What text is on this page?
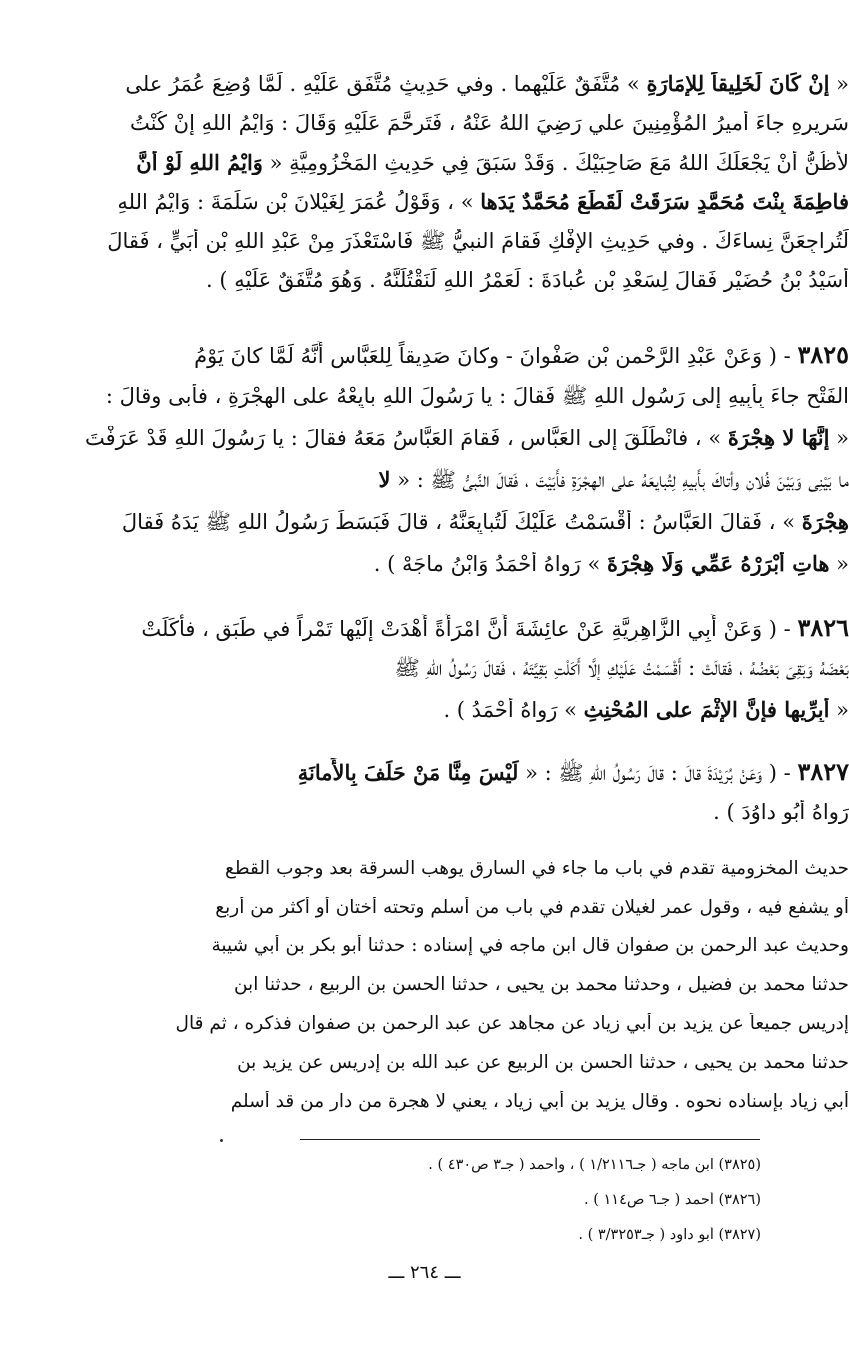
« إِنْ كَانَ لَخَلِيقاً لِلإِمَارَةِ » مُتَّفَقٌ عَلَيْهِما . وفي حَدِيثٍ مُتَّفَقٍ عَلَيْهِ . لَمَّا وُضِعَ عُمَرُ على
سَرِيرِهِ جاءَ أميرُ المُؤْمِنِينَ علي رَضِيَ اللهُ عَنْهُ ، فَتَرحَّمَ عَلَيْهِ وَقَالَ : وَايْمُ اللهِ إِنْ كُنْتُ
لأَظُنُّ أَنْ يَجْعَلَكَ اللهُ مَعَ صَاحِبَيْكَ . وَقَدْ سَبَقَ فِي حَدِيثِ المَخْزُومِيَّةِ « وَايْمُ اللهِ لَوْ أَنَّ
فاطِمَةَ بِنْتَ مُحَمَّدٍ سَرَقَتْ لَقَطَعَ مُحَمَّدٌ يَدَها » ، وَقَوْلُ عُمَرَ لِغَيْلانَ بْنِ سَلَمَةَ : وَايْمُ اللهِ
لَتُراجِعَنَّ نِساءَكَ . وفي حَدِيثِ الإفْكِ فَقامَ النبيُّ ﷺ فَاسْتَعْذَرَ مِنْ عَبْدِ اللهِ بْنِ أُبَيٍّ ، فَقالَ
أُسَيْدُ بْنُ حُضَيْرٍ فَقالَ لِسَعْدِ بْنِ عُبادَةَ : لَعَمْرُ اللهِ لَنَقْتُلَنَّهُ . وَهُوَ مُتَّفَقٌ عَلَيْهِ ) .
٣٨٢٥ - ( وَعَنْ عَبْدِ الرَّحْمنِ بْنِ صَفْوانَ - وكانَ صَدِيقاً لِلعَبَّاسِ أَنَّهُ لَمَّا كانَ يَوْمُ
الفَتْحِ جاءَ بِأَبِيهِ إلى رَسُولِ اللهِ ﷺ فَقالَ : يا رَسُولَ اللهِ بايِعْهُ على الهِجْرَةِ ، فأَبى وقالَ :
« إِنَّهَا لا هِجْرَةَ » ، فانْطَلَقَ إلى العَبَّاسِ ، فَقامَ العَبَّاسُ مَعَهُ فقالَ : يا رَسُولَ اللهِ قَدْ عَرَفْتَ
ما بَيْنِي وَبَيْنَ فُلانٍ وأتاكَ بِأَبِيهِ لِتُبايِعَهُ على الهِجْرَةِ فأَبَيْتَ ، فَقالَ النَّبِيُّ ﷺ : « لا
هِجْرَةَ » ، فَقالَ العَبَّاسُ : أَقْسَمْتُ عَلَيْكَ لَتُبايِعَنَّهُ ، قالَ فَبَسَطَ رَسُولُ اللهِ ﷺ يَدَهُ فَقالَ
« هاتِ أَبْرَرْهُ عَمِّي وَلَا هِجْرَةَ » رَواهُ أَحْمَدُ وَابْنُ ماجَهْ ) .
٣٨٢٦ - ( وَعَنْ أَبِي الزَّاهِرِيَّةِ عَنْ عائِشَةَ أَنَّ امْرَأَةً أَهْدَتْ إِلَيْها تَمْراً في طَبَقٍ ، فأَكَلَتْ
بَعْضَهُ وَبَقِيَ بَعْضُهُ ، فَقالَتْ : أَقْسَمْتُ عَلَيْكِ إِلَّا أَكَلْتِ بَقِيَّتَهُ ، فَقالَ رَسُولُ اللهِ ﷺ
« أَبِرِّيها فإِنَّ الإِثْمَ على المُحْنِثِ » رَواهُ أَحْمَدُ ) .
٣٨٢٧ - ( وَعَنْ بُرَيْدَةَ قالَ : قالَ رَسُولُ اللهِ ﷺ : « لَيْسَ مِنَّا مَنْ حَلَفَ بِالأَمانَةِ
رَواهُ أَبُو داوُدَ ) .
حديث المخزومية تقدم في باب ما جاء في السارق يوهب السرقة بعد وجوب القطع
أو يشفع فيه ، وقول عمر لغيلان تقدم في باب من أسلم وتحته أختان أو أكثر من أربع
وحديث عبد الرحمن بن صفوان قال ابن ماجه في إسناده : حدثنا أبو بكر بن أبي شيبة
حدثنا محمد بن فضيل ، وحدثنا محمد بن يحيى ، حدثنا الحسن بن الربيع ، حدثنا ابن
إدريس جميعاً عن يزيد بن أبي زياد عن مجاهد عن عبد الرحمن بن صفوان فذكره ، ثم قال
حدثنا محمد بن يحيى ، حدثنا الحسن بن الربيع عن عبد الله بن إدريس عن يزيد بن
أبي زياد بإسناده نحوه . وقال يزيد بن أبي زياد ، يعني لا هجرة من دار من قد أسلم
(٣٨٢٥) ابن ماجه ( جـ١/٢١١٦ ) ، وأحمد ( جـ٣ ص٤٣٠ ) .
(٣٨٢٦) أحمد ( جـ٦ ص١١٤ ) .
(٣٨٢٧) أبو داود ( جـ٣/٣٢٥٣ ) .
ـــ ٢٦٤ ـــ
